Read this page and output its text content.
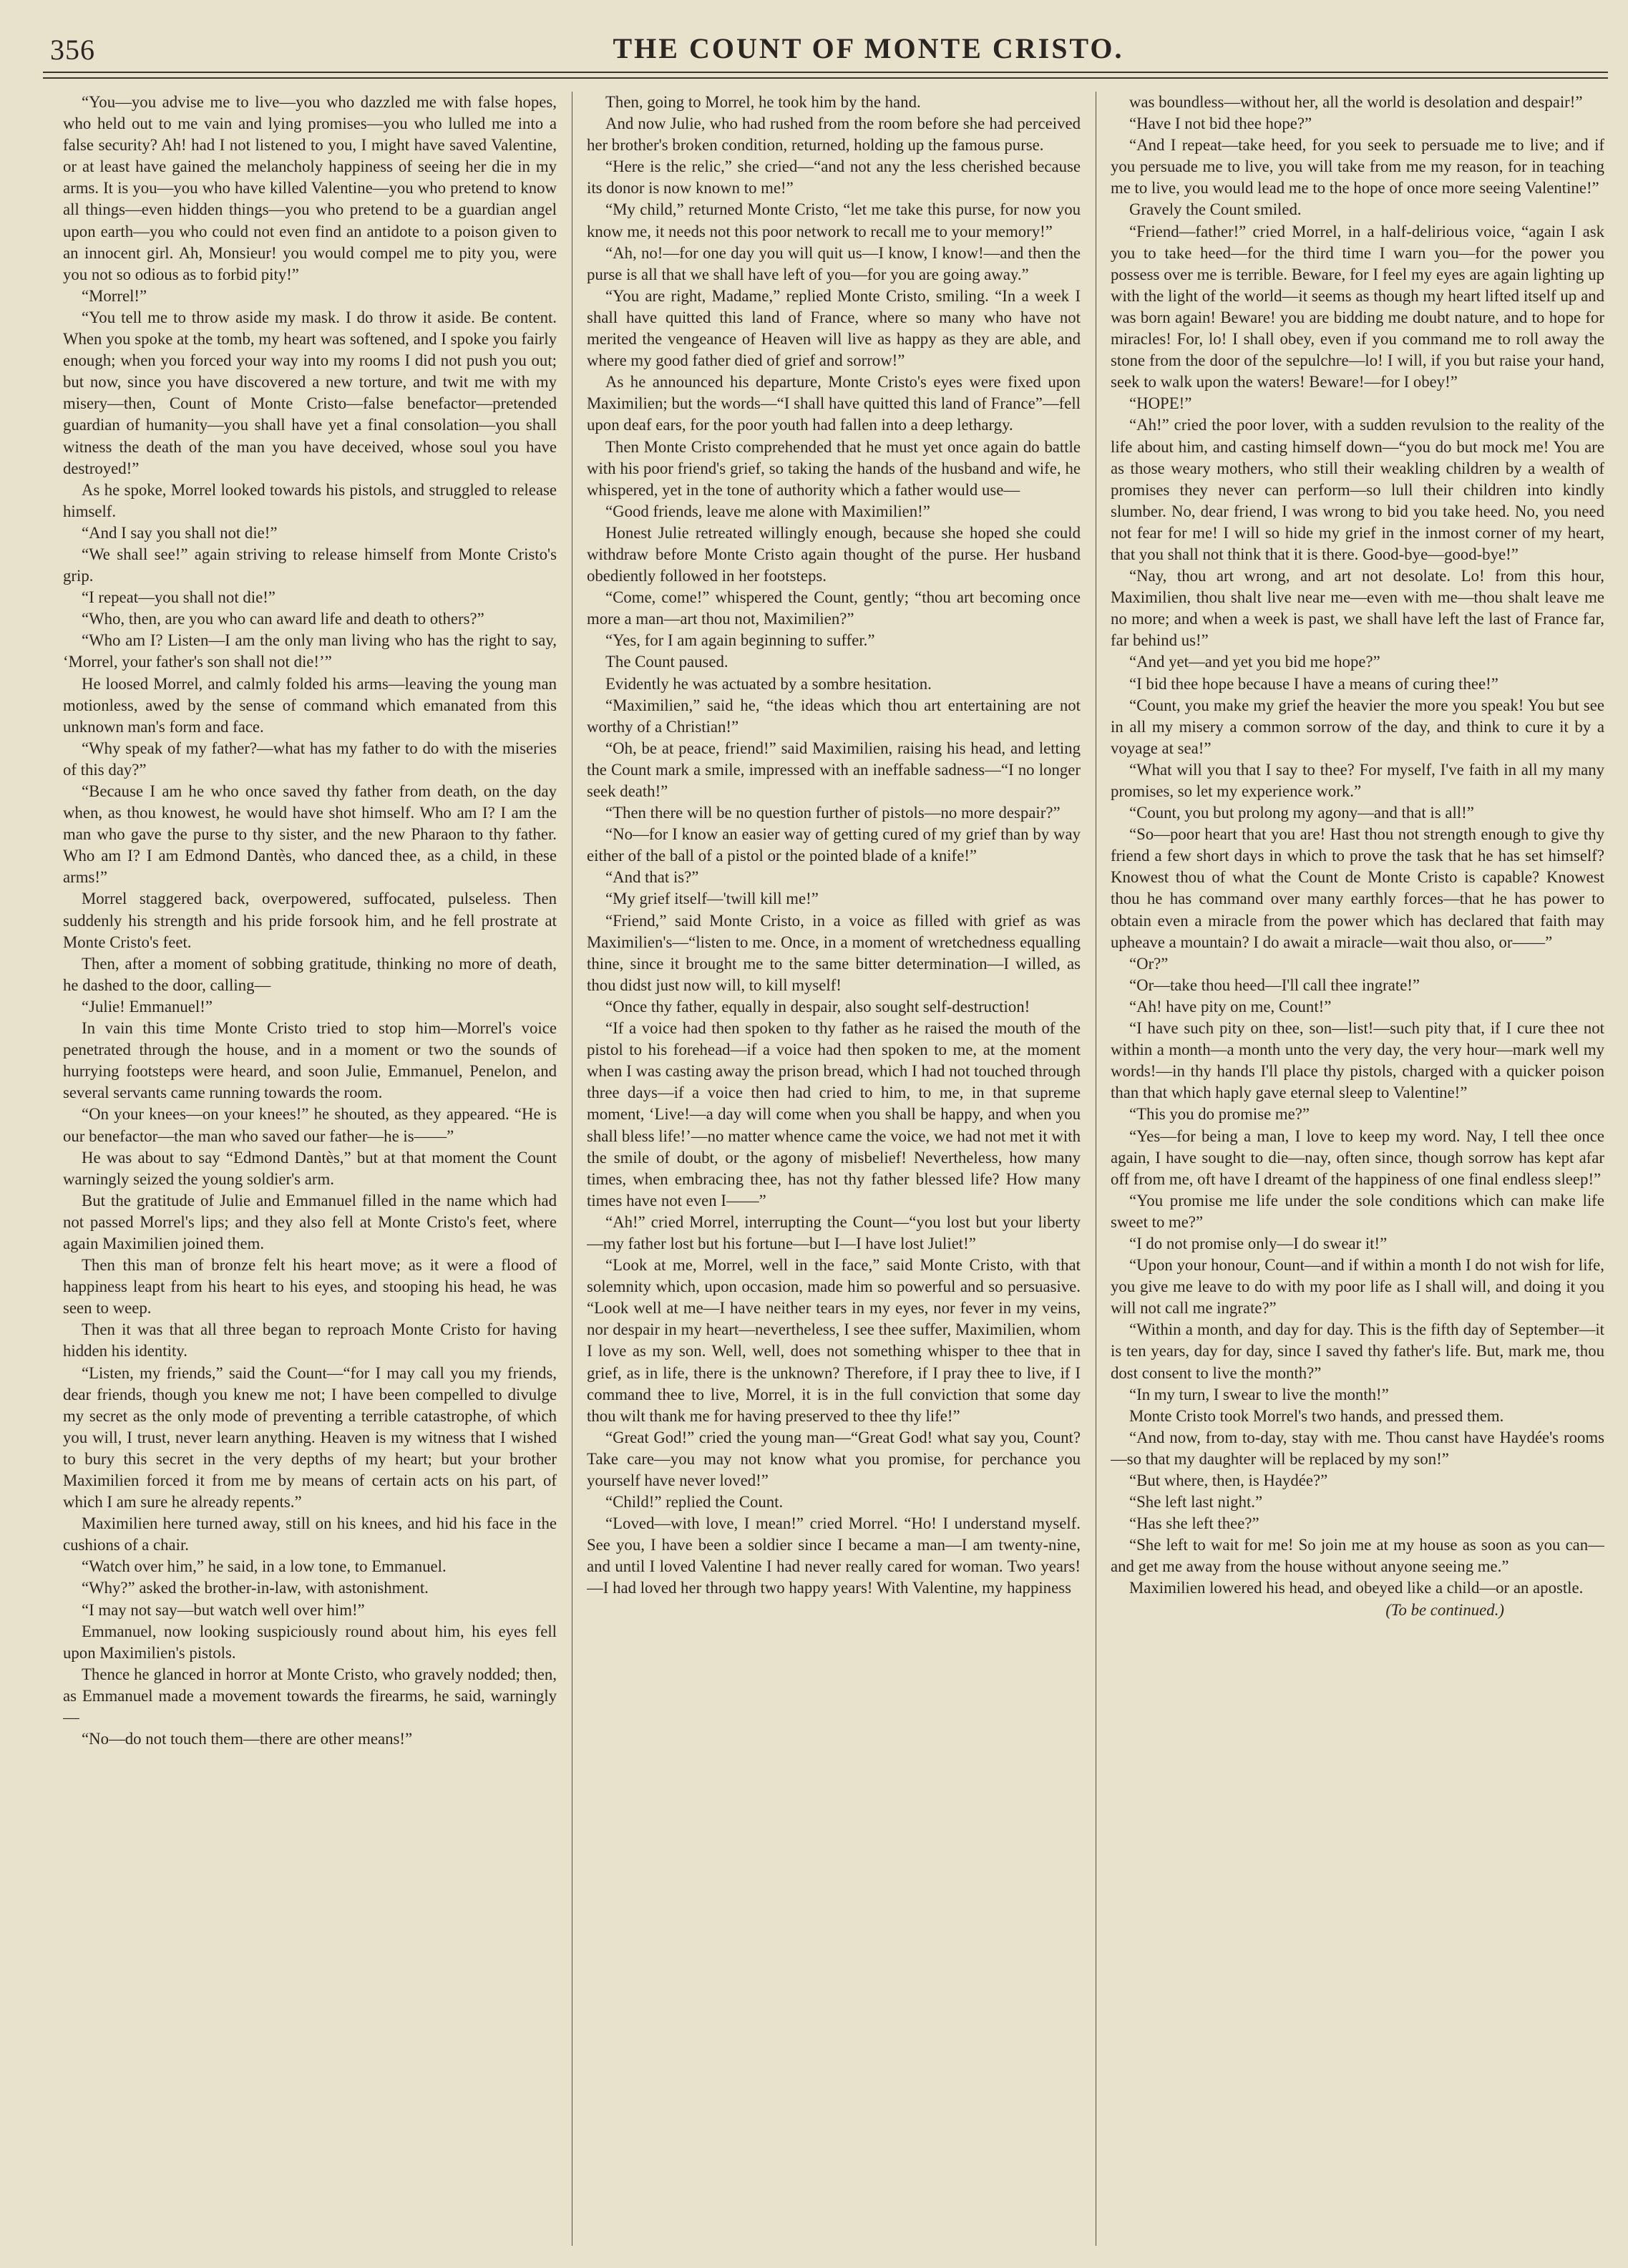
356	THE COUNT OF MONTE CRISTO.

“You—you advise me to live—you who dazzled me with false hopes, who held out to me vain and lying promises—you who lulled me into a false security? Ah! had I not listened to you, I might have saved Valentine, or at least have gained the melancholy happiness of seeing her die in my arms. It is you—you who have killed Valentine—you who pretend to know all things—even hidden things—you who pretend to be a guardian angel upon earth—you who could not even find an antidote to a poison given to an innocent girl. Ah, Monsieur! you would compel me to pity you, were you not so odious as to forbid pity!”

“Morrel!”

“You tell me to throw aside my mask. I do throw it aside. Be content. When you spoke at the tomb, my heart was softened, and I spoke you fairly enough; when you forced your way into my rooms I did not push you out; but now, since you have discovered a new torture, and twit me with my misery—then, Count of Monte Cristo—false benefactor—pretended guardian of humanity—you shall have yet a final consolation—you shall witness the death of the man you have deceived, whose soul you have destroyed!”

As he spoke, Morrel looked towards his pistols, and struggled to release himself.

“And I say you shall not die!”

“We shall see!” again striving to release himself from Monte Cristo's grip.

“I repeat—you shall not die!”

“Who, then, are you who can award life and death to others?”

“Who am I? Listen—I am the only man living who has the right to say, ‘Morrel, your father's son shall not die!’”

He loosed Morrel, and calmly folded his arms—leaving the young man motionless, awed by the sense of command which emanated from this unknown man's form and face.

“Why speak of my father?—what has my father to do with the miseries of this day?”

“Because I am he who once saved thy father from death, on the day when, as thou knowest, he would have shot himself. Who am I? I am the man who gave the purse to thy sister, and the new Pharaon to thy father. Who am I? I am Edmond Dantès, who danced thee, as a child, in these arms!”

Morrel staggered back, overpowered, suffocated, pulseless. Then suddenly his strength and his pride forsook him, and he fell prostrate at Monte Cristo's feet.

Then, after a moment of sobbing gratitude, thinking no more of death, he dashed to the door, calling—

“Julie! Emmanuel!”

In vain this time Monte Cristo tried to stop him—Morrel's voice penetrated through the house, and in a moment or two the sounds of hurrying footsteps were heard, and soon Julie, Emmanuel, Penelon, and several servants came running towards the room.

“On your knees—on your knees!” he shouted, as they appeared. “He is our benefactor—the man who saved our father—he is——”

He was about to say “Edmond Dantès,” but at that moment the Count warningly seized the young soldier's arm.

But the gratitude of Julie and Emmanuel filled in the name which had not passed Morrel's lips; and they also fell at Monte Cristo's feet, where again Maximilien joined them.

Then this man of bronze felt his heart move; as it were a flood of happiness leapt from his heart to his eyes, and stooping his head, he was seen to weep.

Then it was that all three began to reproach Monte Cristo for having hidden his identity.

“Listen, my friends,” said the Count—“for I may call you my friends, dear friends, though you knew me not; I have been compelled to divulge my secret as the only mode of preventing a terrible catastrophe, of which you will, I trust, never learn anything. Heaven is my witness that I wished to bury this secret in the very depths of my heart; but your brother Maximilien forced it from me by means of certain acts on his part, of which I am sure he already repents.”

Maximilien here turned away, still on his knees, and hid his face in the cushions of a chair.

“Watch over him,” he said, in a low tone, to Emmanuel.

“Why?” asked the brother-in-law, with astonishment.

“I may not say—but watch well over him!”

Emmanuel, now looking suspiciously round about him, his eyes fell upon Maximilien's pistols.

Thence he glanced in horror at Monte Cristo, who gravely nodded; then, as Emmanuel made a movement towards the firearms, he said, warningly—

“No—do not touch them—there are other means!”

Then, going to Morrel, he took him by the hand.

And now Julie, who had rushed from the room before she had perceived her brother's broken condition, returned, holding up the famous purse.

“Here is the relic,” she cried—“and not any the less cherished because its donor is now known to me!”

“My child,” returned Monte Cristo, “let me take this purse, for now you know me, it needs not this poor network to recall me to your memory!”

“Ah, no!—for one day you will quit us—I know, I know!—and then the purse is all that we shall have left of you—for you are going away.”

“You are right, Madame,” replied Monte Cristo, smiling. “In a week I shall have quitted this land of France, where so many who have not merited the vengeance of Heaven will live as happy as they are able, and where my good father died of grief and sorrow!”

As he announced his departure, Monte Cristo's eyes were fixed upon Maximilien; but the words—“I shall have quitted this land of France”—fell upon deaf ears, for the poor youth had fallen into a deep lethargy.

Then Monte Cristo comprehended that he must yet once again do battle with his poor friend's grief, so taking the hands of the husband and wife, he whispered, yet in the tone of authority which a father would use—

“Good friends, leave me alone with Maximilien!”

Honest Julie retreated willingly enough, because she hoped she could withdraw before Monte Cristo again thought of the purse. Her husband obediently followed in her footsteps.

“Come, come!” whispered the Count, gently; “thou art becoming once more a man—art thou not, Maximilien?”

“Yes, for I am again beginning to suffer.”

The Count paused.

Evidently he was actuated by a sombre hesitation.

“Maximilien,” said he, “the ideas which thou art entertaining are not worthy of a Christian!”

“Oh, be at peace, friend!” said Maximilien, raising his head, and letting the Count mark a smile, impressed with an ineffable sadness—“I no longer seek death!”

“Then there will be no question further of pistols—no more despair?”

“No—for I know an easier way of getting cured of my grief than by way either of the ball of a pistol or the pointed blade of a knife!”

“And that is?”

“My grief itself—'twill kill me!”

“Friend,” said Monte Cristo, in a voice as filled with grief as was Maximilien's—“listen to me. Once, in a moment of wretchedness equalling thine, since it brought me to the same bitter determination—I willed, as thou didst just now will, to kill myself!

“Once thy father, equally in despair, also sought self-destruction!

“If a voice had then spoken to thy father as he raised the mouth of the pistol to his forehead—if a voice had then spoken to me, at the moment when I was casting away the prison bread, which I had not touched through three days—if a voice then had cried to him, to me, in that supreme moment, ‘Live!—a day will come when you shall be happy, and when you shall bless life!’—no matter whence came the voice, we had not met it with the smile of doubt, or the agony of misbelief! Nevertheless, how many times, when embracing thee, has not thy father blessed life? How many times have not even I——”

“Ah!” cried Morrel, interrupting the Count—“you lost but your liberty—my father lost but his fortune—but I—I have lost Juliet!”

“Look at me, Morrel, well in the face,” said Monte Cristo, with that solemnity which, upon occasion, made him so powerful and so persuasive. “Look well at me—I have neither tears in my eyes, nor fever in my veins, nor despair in my heart—nevertheless, I see thee suffer, Maximilien, whom I love as my son. Well, well, does not something whisper to thee that in grief, as in life, there is the unknown? Therefore, if I pray thee to live, if I command thee to live, Morrel, it is in the full conviction that some day thou wilt thank me for having preserved to thee thy life!”

“Great God!” cried the young man—“Great God! what say you, Count? Take care—you may not know what you promise, for perchance you yourself have never loved!”

“Child!” replied the Count.

“Loved—with love, I mean!” cried Morrel. “Ho! I understand myself. See you, I have been a soldier since I became a man—I am twenty-nine, and until I loved Valentine I had never really cared for woman. Two years!—I had loved her through two happy years! With Valentine, my happiness

was boundless—without her, all the world is desolation and despair!”

“Have I not bid thee hope?”

“And I repeat—take heed, for you seek to persuade me to live; and if you persuade me to live, you will take from me my reason, for in teaching me to live, you would lead me to the hope of once more seeing Valentine!”

Gravely the Count smiled.

“Friend—father!” cried Morrel, in a half-delirious voice, “again I ask you to take heed—for the third time I warn you—for the power you possess over me is terrible. Beware, for I feel my eyes are again lighting up with the light of the world—it seems as though my heart lifted itself up and was born again! Beware! you are bidding me doubt nature, and to hope for miracles! For, lo! I shall obey, even if you command me to roll away the stone from the door of the sepulchre—lo! I will, if you but raise your hand, seek to walk upon the waters! Beware!—for I obey!”

“HOPE!”

“Ah!” cried the poor lover, with a sudden revulsion to the reality of the life about him, and casting himself down—“you do but mock me! You are as those weary mothers, who still their weakling children by a wealth of promises they never can perform—so lull their children into kindly slumber. No, dear friend, I was wrong to bid you take heed. No, you need not fear for me! I will so hide my grief in the inmost corner of my heart, that you shall not think that it is there. Good-bye—good-bye!”

“Nay, thou art wrong, and art not desolate. Lo! from this hour, Maximilien, thou shalt live near me—even with me—thou shalt leave me no more; and when a week is past, we shall have left the last of France far, far behind us!”

“And yet—and yet you bid me hope?”

“I bid thee hope because I have a means of curing thee!”

“Count, you make my grief the heavier the more you speak! You but see in all my misery a common sorrow of the day, and think to cure it by a voyage at sea!”

“What will you that I say to thee? For myself, I've faith in all my many promises, so let my experience work.”

“Count, you but prolong my agony—and that is all!”

“So—poor heart that you are! Hast thou not strength enough to give thy friend a few short days in which to prove the task that he has set himself? Knowest thou of what the Count de Monte Cristo is capable? Knowest thou he has command over many earthly forces—that he has power to obtain even a miracle from the power which has declared that faith may upheave a mountain? I do await a miracle—wait thou also, or——”

“Or?”

“Or—take thou heed—I'll call thee ingrate!”

“Ah! have pity on me, Count!”

“I have such pity on thee, son—list!—such pity that, if I cure thee not within a month—a month unto the very day, the very hour—mark well my words!—in thy hands I'll place thy pistols, charged with a quicker poison than that which haply gave eternal sleep to Valentine!”

“This you do promise me?”

“Yes—for being a man, I love to keep my word. Nay, I tell thee once again, I have sought to die—nay, often since, though sorrow has kept afar off from me, oft have I dreamt of the happiness of one final endless sleep!”

“You promise me life under the sole conditions which can make life sweet to me?”

“I do not promise only—I do swear it!”

“Upon your honour, Count—and if within a month I do not wish for life, you give me leave to do with my poor life as I shall will, and doing it you will not call me ingrate?”

“Within a month, and day for day. This is the fifth day of September—it is ten years, day for day, since I saved thy father's life. But, mark me, thou dost consent to live the month?”

“In my turn, I swear to live the month!”

Monte Cristo took Morrel's two hands, and pressed them.

“And now, from to-day, stay with me. Thou canst have Haydée's rooms—so that my daughter will be replaced by my son!”

“But where, then, is Haydée?”

“She left last night.”

“Has she left thee?”

“She left to wait for me! So join me at my house as soon as you can—and get me away from the house without anyone seeing me.”

Maximilien lowered his head, and obeyed like a child—or an apostle.

(To be continued.)
